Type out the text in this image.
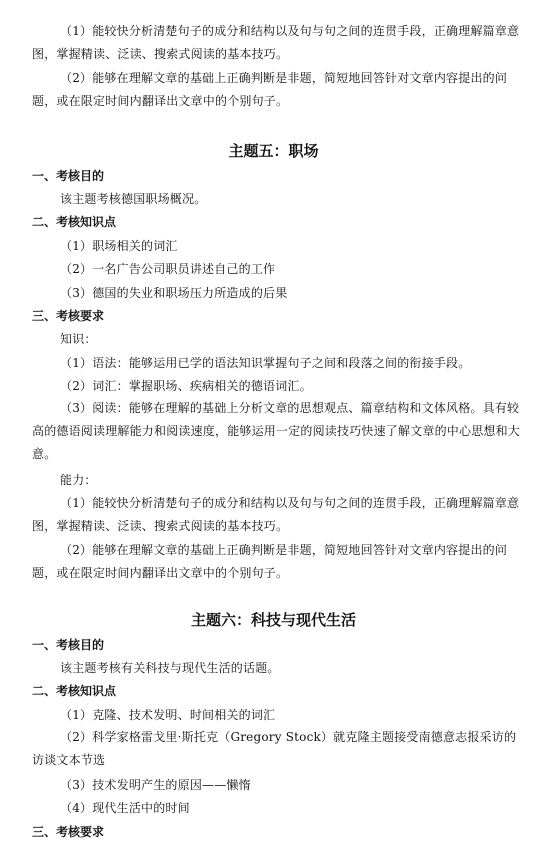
（1）能较快分析清楚句子的成分和结构以及句与句之间的连贯手段，正确理解篇章意图，掌握精读、泛读、搜索式阅读的基本技巧。

（2）能够在理解文章的基础上正确判断是非题，简短地回答针对文章内容提出的问题，或在限定时间内翻译出文章中的个别句子。

主题五：职场
一、考核目的
该主题考核德国职场概况。
二、考核知识点
（1）职场相关的词汇
（2）一名广告公司职员讲述自己的工作
（3）德国的失业和职场压力所造成的后果
三、考核要求
知识：
（1）语法：能够运用已学的语法知识掌握句子之间和段落之间的衔接手段。
（2）词汇：掌握职场、疾病相关的德语词汇。

（3）阅读：能够在理解的基础上分析文章的思想观点、篇章结构和文体风格。具有较高的德语阅读理解能力和阅读速度，能够运用一定的阅读技巧快速了解文章的中心思想和大意。

能力：

（1）能较快分析清楚句子的成分和结构以及句与句之间的连贯手段，正确理解篇章意图，掌握精读、泛读、搜索式阅读的基本技巧。

（2）能够在理解文章的基础上正确判断是非题，简短地回答针对文章内容提出的问题，或在限定时间内翻译出文章中的个别句子。

主题六：科技与现代生活
一、考核目的
该主题考核有关科技与现代生活的话题。
二、考核知识点
（1）克隆、技术发明、时间相关的词汇

（2）科学家格雷戈里·斯托克（Gregory Stock）就克隆主题接受南德意志报采访的访谈文本节选

（3）技术发明产生的原因——懒惰
（4）现代生活中的时间
三、考核要求
